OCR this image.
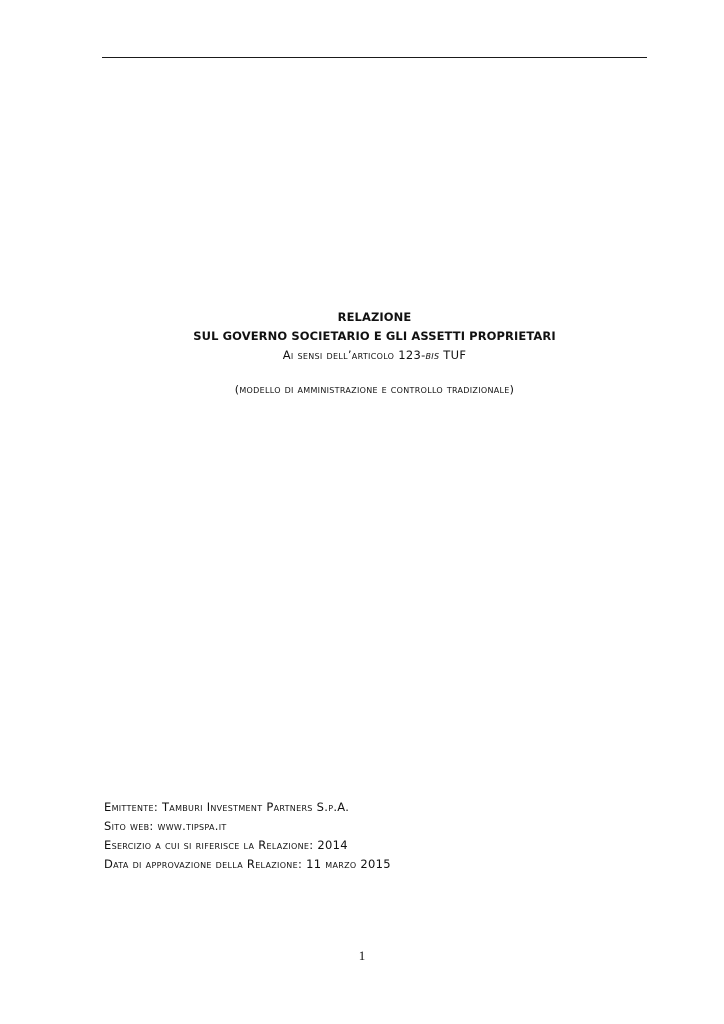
RELAZIONE
SUL GOVERNO SOCIETARIO E GLI ASSETTI PROPRIETARI
Ai sensi dell’articolo 123-bis TUF
(modello di amministrazione e controllo tradizionale)
Emittente: Tamburi Investment Partners S.p.A.
Sito web: www.tipspa.it
Esercizio a cui si riferisce la Relazione: 2014
Data di approvazione della Relazione: 11 marzo 2015
1
